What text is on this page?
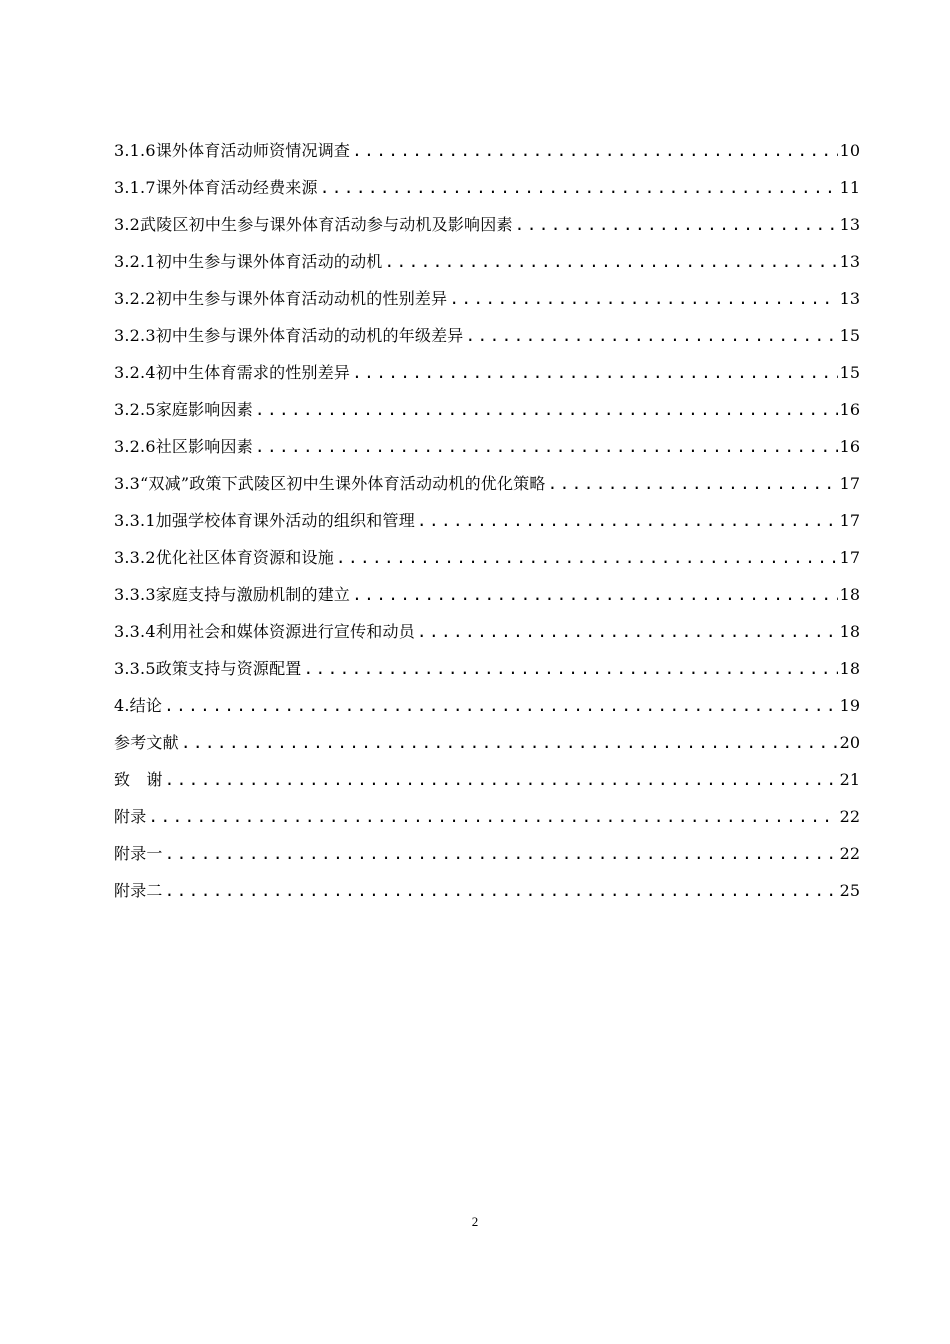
3.1.6课外体育活动师资情况调查 .....	10
3.1.7课外体育活动经费来源 .....	11
3.2武陵区初中生参与课外体育活动参与动机及影响因素 .....	13
3.2.1初中生参与课外体育活动的动机 .....	13
3.2.2初中生参与课外体育活动动机的性别差异 .....	13
3.2.3初中生参与课外体育活动的动机的年级差异 .....	15
3.2.4初中生体育需求的性别差异 .....	15
3.2.5家庭影响因素 .....	16
3.2.6社区影响因素 .....	16
3.3“双减”政策下武陵区初中生课外体育活动动机的优化策略 .....	17
3.3.1加强学校体育课外活动的组织和管理 .....	17
3.3.2优化社区体育资源和设施 .....	17
3.3.3家庭支持与激励机制的建立 .....	18
3.3.4利用社会和媒体资源进行宣传和动员 .....	18
3.3.5政策支持与资源配置 .....	18
4.结论 .....	19
参考文献 .....	20
致　谢 .....	21
附录 .....	22
附录一 .....	22
附录二 .....	25
2
